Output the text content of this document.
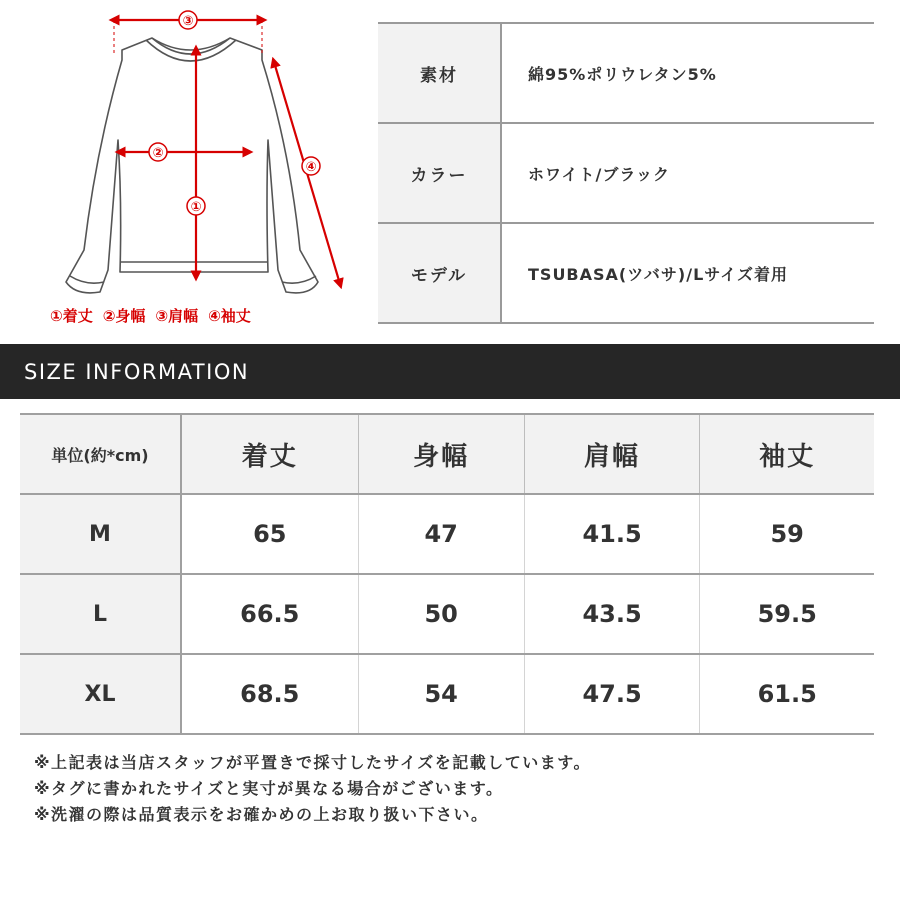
③
②
①
④
①着丈 ②身幅 ③肩幅 ④袖丈
素材	綿95%ポリウレタン5%
カラー	ホワイト/ブラック
モデル	TSUBASA(ツバサ)/Lサイズ着用
SIZE INFORMATION
単位(約*cm)	着丈	身幅	肩幅	袖丈
M	65	47	41.5	59
L	66.5	50	43.5	59.5
XL	68.5	54	47.5	61.5
※上記表は当店スタッフが平置きで採寸したサイズを記載しています。
※タグに書かれたサイズと実寸が異なる場合がございます。
※洗濯の際は品質表示をお確かめの上お取り扱い下さい。
